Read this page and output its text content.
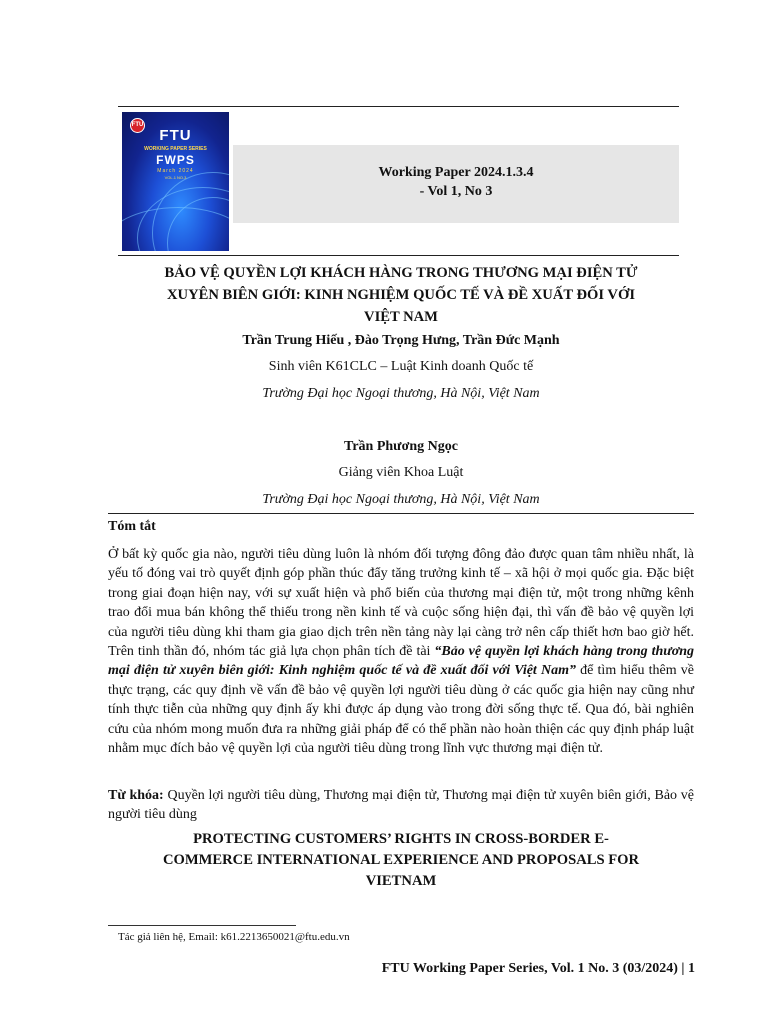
FTU
FTU
WORKING PAPER SERIES
FWPS
March 2024
VOL.1 NO.3	Working Paper 2024.1.3.4
- Vol 1, No 3
BẢO VỆ QUYỀN LỢI KHÁCH HÀNG TRONG THƯƠNG MẠI ĐIỆN TỬ
XUYÊN BIÊN GIỚI: KINH NGHIỆM QUỐC TẾ VÀ ĐỀ XUẤT ĐỐI VỚI
VIỆT NAM
Trần Trung Hiếu , Đào Trọng Hưng, Trần Đức Mạnh
Sinh viên K61CLC – Luật Kinh doanh Quốc tế
Trường Đại học Ngoại thương, Hà Nội, Việt Nam
Trần Phương Ngọc
Giảng viên Khoa Luật
Trường Đại học Ngoại thương, Hà Nội, Việt Nam
Tóm tắt
Ở bất kỳ quốc gia nào, người tiêu dùng luôn là nhóm đối tượng đông đảo được quan tâm nhiều nhất, là yếu tố đóng vai trò quyết định góp phần thúc đẩy tăng trưởng kinh tế – xã hội ở mọi quốc gia. Đặc biệt trong giai đoạn hiện nay, với sự xuất hiện và phổ biến của thương mại điện tử, một trong những kênh trao đổi mua bán không thể thiếu trong nền kinh tế và cuộc sống hiện đại, thì vấn đề bảo vệ quyền lợi của người tiêu dùng khi tham gia giao dịch trên nền tảng này lại càng trở nên cấp thiết hơn bao giờ hết. Trên tinh thần đó, nhóm tác giả lựa chọn phân tích đề tài “Bảo vệ quyền lợi khách hàng trong thương mại điện tử xuyên biên giới: Kinh nghiệm quốc tế và đề xuất đối với Việt Nam” để tìm hiểu thêm về thực trạng, các quy định về vấn đề bảo vệ quyền lợi người tiêu dùng ở các quốc gia hiện nay cũng như tính thực tiễn của những quy định ấy khi được áp dụng vào trong đời sống thực tế. Qua đó, bài nghiên cứu của nhóm mong muốn đưa ra những giải pháp để có thể phần nào hoàn thiện các quy định pháp luật nhằm mục đích bảo vệ quyền lợi của người tiêu dùng trong lĩnh vực thương mại điện tử.
Từ khóa: Quyền lợi người tiêu dùng, Thương mại điện tử, Thương mại điện tử xuyên biên giới, Bảo vệ người tiêu dùng
PROTECTING CUSTOMERS’ RIGHTS IN CROSS-BORDER E-
COMMERCE INTERNATIONAL EXPERIENCE AND PROPOSALS FOR
VIETNAM
Tác giả liên hệ, Email: k61.2213650021@ftu.edu.vn
FTU Working Paper Series, Vol. 1 No. 3 (03/2024) | 1
